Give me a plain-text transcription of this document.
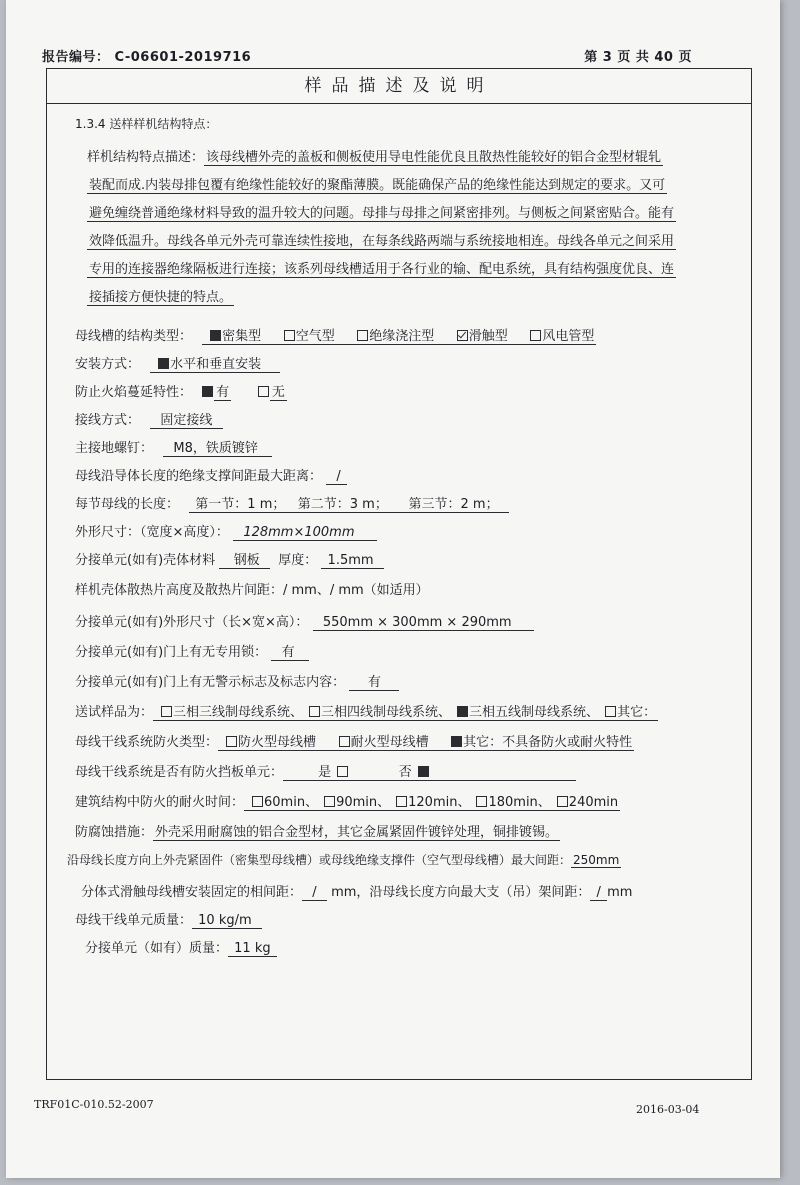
报告编号： C-06601-2019716	第 3 页 共 40 页
样品描述及说明
1.3.4 送样样机结构特点：
样机结构特点描述： 该母线槽外壳的盖板和侧板使用导电性能优良且散热性能较好的铝合金型材辊轧
装配而成.内装母排包覆有绝缘性能较好的聚酯薄膜。既能确保产品的绝缘性能达到规定的要求。又可
避免缠绕普通绝缘材料导致的温升较大的问题。母排与母排之间紧密排列。与侧板之间紧密贴合。能有
效降低温升。母线各单元外壳可靠连续性接地，在每条线路两端与系统接地相连。母线各单元之间采用
专用的连接器绝缘隔板进行连接；该系列母线槽适用于各行业的输、配电系统，具有结构强度优良、连
接插接方便快捷的特点。
母线槽的结构类型： 密集型	空气型	绝缘浇注型	滑触型	风电管型
安装方式： 水平和垂直安装
防止火焰蔓延特性： 有	无
接线方式： 固定接线
主接地螺钉： M8，铁质镀锌
母线沿导体长度的绝缘支撑间距最大距离： /
每节母线的长度： 第一节：1 m； 第二节：3 m； 第三节：2 m；
外形尺寸：（宽度×高度）： 128mm×100mm
分接单元(如有)壳体材料 钢板 厚度： 1.5mm
样机壳体散热片高度及散热片间距：/ mm、/ mm（如适用）
分接单元(如有)外形尺寸（长×宽×高）： 550mm × 300mm × 290mm
分接单元(如有)门上有无专用锁： 有
分接单元(如有)门上有无警示标志及标志内容： 有
送试样品为： 三相三线制母线系统、 三相四线制母线系统、 三相五线制母线系统、 其它：
母线干线系统防火类型： 防火型母线槽	耐火型母线槽	其它：不具备防火或耐火特性
母线干线系统是否有防火挡板单元：	是	否
建筑结构中防火的耐火时间： 60min、 90min、 120min、 180min、 240min
防腐蚀措施： 外壳采用耐腐蚀的铝合金型材，其它金属紧固件镀锌处理，铜排镀锡。
沿母线长度方向上外壳紧固件（密集型母线槽）或母线绝缘支撑件（空气型母线槽）最大间距： 250mm
分体式滑触母线槽安装固定的相间距： / mm，沿母线长度方向最大支（吊）架间距： / mm
母线干线单元质量： 10 kg/m
分接单元（如有）质量： 11 kg
TRF01C-010.52-2007	2016-03-04
